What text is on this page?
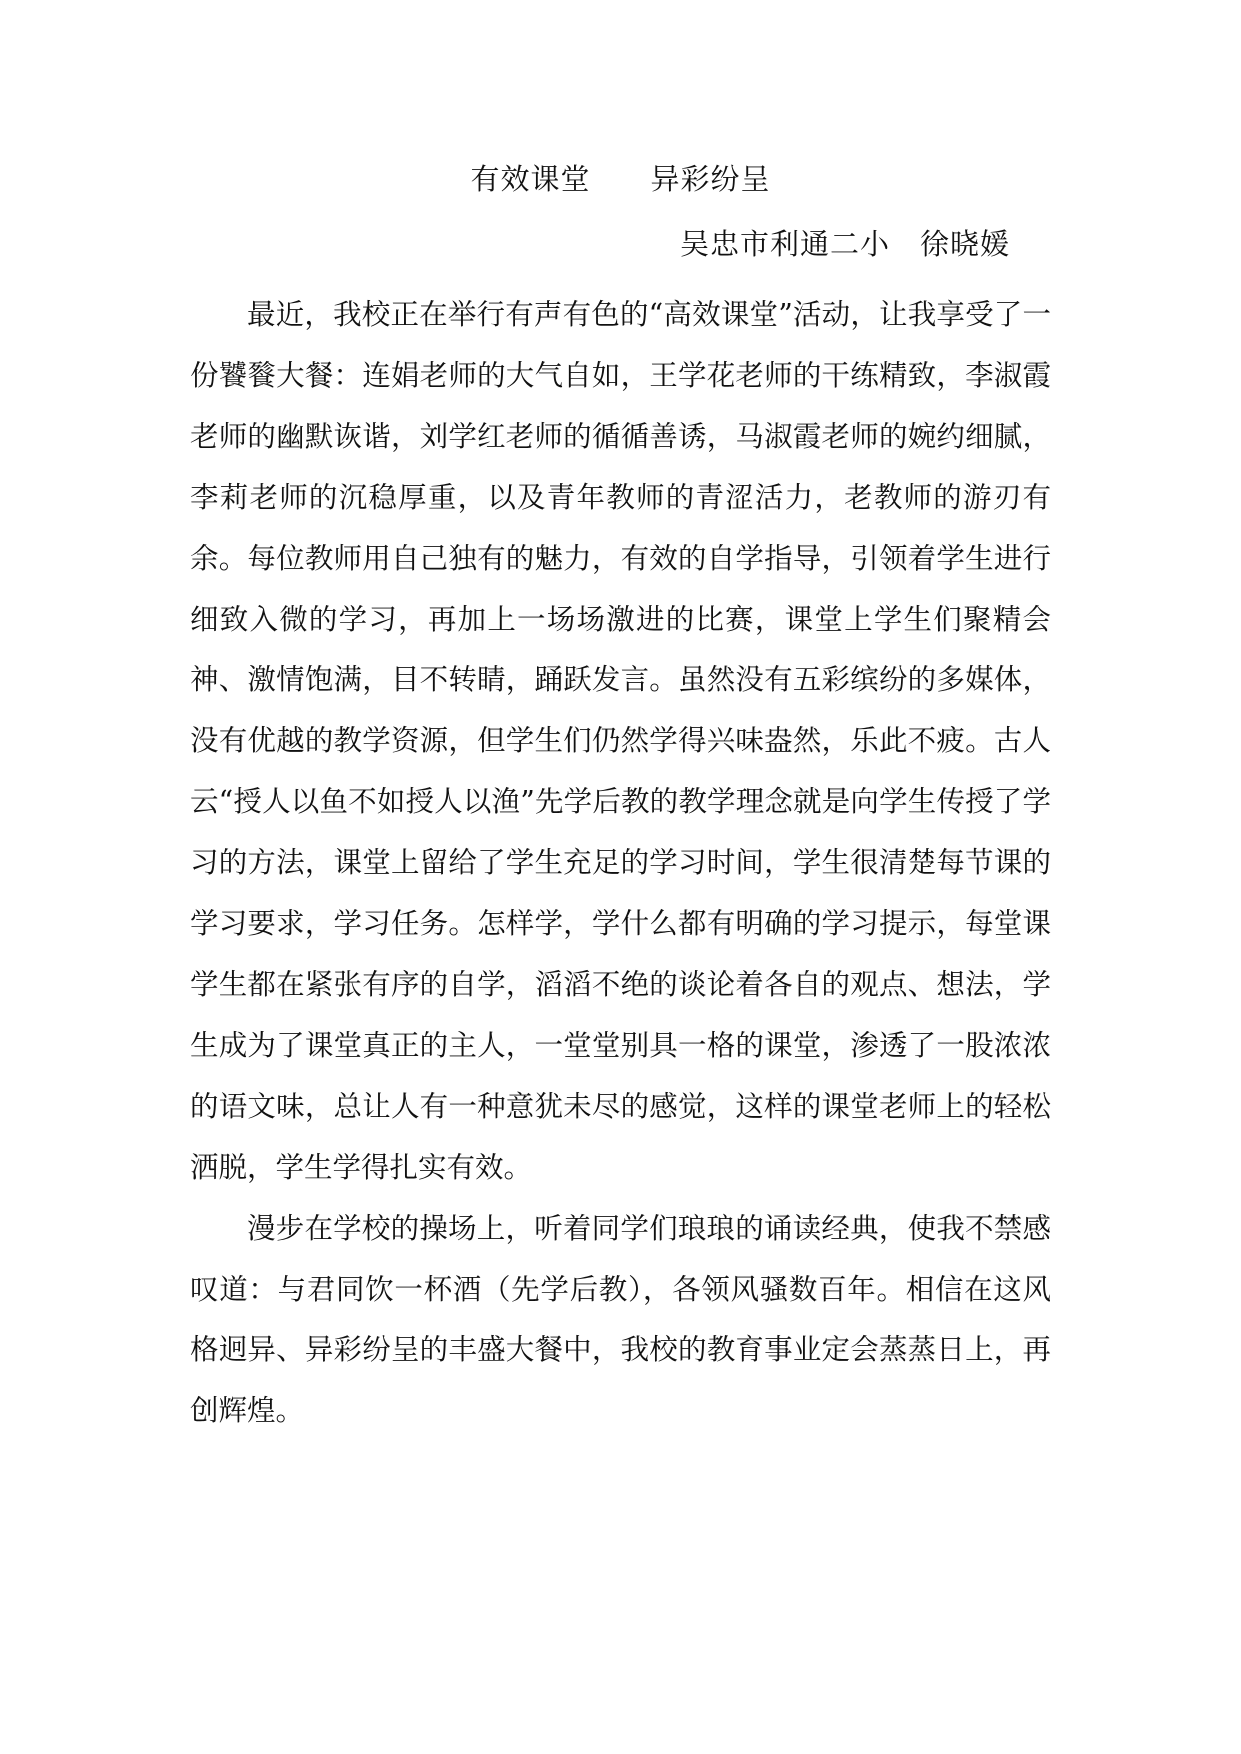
有效课堂　　异彩纷呈
吴忠市利通二小　徐晓媛

最近，我校正在举行有声有色的“高效课堂”活动，让我享受了一份饕餮大餐：连娟老师的大气自如，王学花老师的干练精致，李淑霞老师的幽默诙谐，刘学红老师的循循善诱，马淑霞老师的婉约细腻，李莉老师的沉稳厚重，以及青年教师的青涩活力，老教师的游刃有余。每位教师用自己独有的魅力，有效的自学指导，引领着学生进行细致入微的学习，再加上一场场激进的比赛，课堂上学生们聚精会神、激情饱满，目不转睛，踊跃发言。虽然没有五彩缤纷的多媒体，没有优越的教学资源，但学生们仍然学得兴味盎然，乐此不疲。古人云“授人以鱼不如授人以渔”先学后教的教学理念就是向学生传授了学习的方法，课堂上留给了学生充足的学习时间，学生很清楚每节课的学习要求，学习任务。怎样学，学什么都有明确的学习提示，每堂课学生都在紧张有序的自学，滔滔不绝的谈论着各自的观点、想法，学生成为了课堂真正的主人，一堂堂别具一格的课堂，渗透了一股浓浓的语文味，总让人有一种意犹未尽的感觉，这样的课堂老师上的轻松洒脱，学生学得扎实有效。

漫步在学校的操场上，听着同学们琅琅的诵读经典，使我不禁感叹道：与君同饮一杯酒（先学后教），各领风骚数百年。相信在这风格迥异、异彩纷呈的丰盛大餐中，我校的教育事业定会蒸蒸日上，再创辉煌。
